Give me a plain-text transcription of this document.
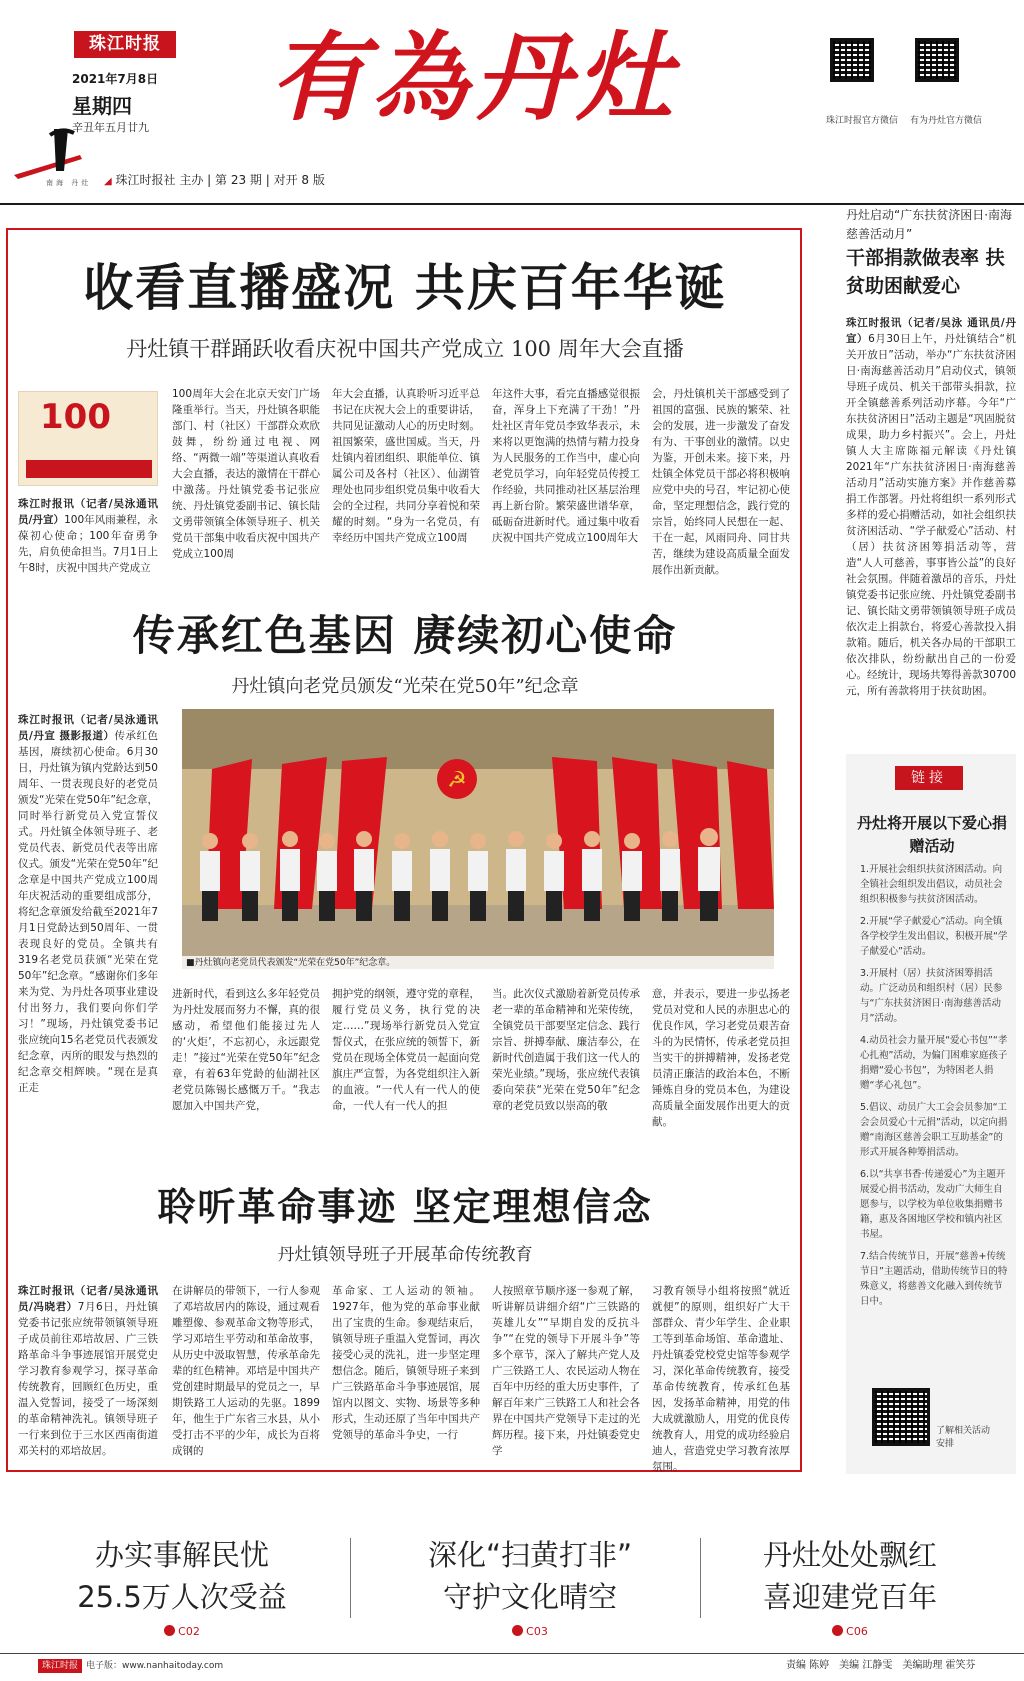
珠江时报
2021年7月8日
星期四
辛丑年五月廿九 有為丹灶
南海 丹灶 ◢ 珠江时报社 主办 | 第 23 期 | 对开 8 版
珠江时报官方微信 有为丹灶官方微信
收看直播盛况 共庆百年华诞
丹灶镇干群踊跃收看庆祝中国共产党成立 100 周年大会直播
100
珠江时报讯（记者/吴泳通讯员/丹宣）100年风雨兼程，永葆初心使命；100年奋勇争先，肩负使命担当。7月1日上午8时，庆祝中国共产党成立
100周年大会在北京天安门广场隆重举行。当天，丹灶镇各职能部门、村（社区）干部群众欢欣鼓舞，纷纷通过电视、网络、“两微一端”等渠道认真收看大会直播，表达的激情在干群心中激荡。丹灶镇党委书记张应统、丹灶镇党委副书记、镇长陆文勇带领镇全体领导班子、机关党员干部集中收看庆祝中国共产党成立100周
年大会直播，认真聆听习近平总书记在庆祝大会上的重要讲话，共同见证激动人心的历史时刻。祖国繁荣，盛世国威。当天，丹灶镇内着团组织、职能单位、镇属公司及各村（社区）、仙湖管理处也同步组织党员集中收看大会的全过程，共同分享着悦和荣耀的时刻。“身为一名党员，有幸经历中国共产党成立100周
年这件大事，看完直播感觉很振奋，浑身上下充满了干劲！”丹灶社区青年党员李致华表示，未来将以更饱满的热情与精力投身为人民服务的工作当中，虚心向老党员学习，向年轻党员传授工作经验，共同推动社区基层治理再上新台阶。繁荣盛世谱华章，砥砺奋进新时代。通过集中收看庆祝中国共产党成立100周年大
会，丹灶镇机关干部感受到了祖国的富强、民族的繁荣、社会的发展，进一步激发了奋发有为、干事创业的激情。以史为鉴，开创未来。接下来，丹灶镇全体党员干部必将积极响应党中央的号召，牢记初心使命，坚定理想信念，践行党的宗旨，始终同人民想在一起、干在一起，风雨同舟、同甘共苦，继续为建设高质量全面发展作出新贡献。
传承红色基因 赓续初心使命
丹灶镇向老党员颁发“光荣在党50年”纪念章
珠江时报讯（记者/吴泳通讯员/丹宣 摄影报道）传承红色基因，赓续初心使命。6月30日，丹灶镇为镇内党龄达到50周年、一贯表现良好的老党员颁发“光荣在党50年”纪念章，同时举行新党员入党宣誓仪式。丹灶镇全体领导班子、老党员代表、新党员代表等出席仪式。颁发“光荣在党50年”纪念章是中国共产党成立100周年庆祝活动的重要组成部分，将纪念章颁发给截至2021年7月1日党龄达到50周年、一贯表现良好的党员。全镇共有319名老党员获颁“光荣在党50年”纪念章。“感谢你们多年来为党、为丹灶各项事业建设付出努力，我们要向你们学习！”现场，丹灶镇党委书记张应统向15名老党员代表颁发纪念章，丙所的眼发与热烈的纪念章交相辉映。“现在是真正走
☭
■丹灶镇向老党员代表颁发“光荣在党50年”纪念章。
进新时代，看到这么多年轻党员为丹灶发展而努力不懈，真的很感动，希望他们能接过先人的‘火炬’，不忘初心，永远跟党走！”接过“光荣在党50年”纪念章，有着63年党龄的仙湖社区老党员陈锡长感慨万千。“我志愿加入中国共产党，
拥护党的纲领，遵守党的章程，履行党员义务，执行党的决定……”现场举行新党员入党宣誓仪式，在张应统的领誓下，新党员在现场全体党员一起面向党旗庄严宣誓，为各党组织注入新的血液。“一代人有一代人的使命，一代人有一代人的担
当。此次仪式激励着新党员传承老一辈的革命精神和光荣传统，全镇党员干部要坚定信念、践行宗旨、拼搏奉献、廉洁奉公，在新时代创造属于我们这一代人的荣光业绩。”现场，张应统代表镇委向荣获“光荣在党50年”纪念章的老党员致以崇高的敬
意，并表示，要进一步弘扬老党员对党和人民的赤胆忠心的优良作风，学习老党员艰苦奋斗的为民情怀，传承老党员担当实干的拼搏精神，发扬老党员清正廉洁的政治本色，不断锤炼自身的党员本色，为建设高质量全面发展作出更大的贡献。
聆听革命事迹 坚定理想信念
丹灶镇领导班子开展革命传统教育
珠江时报讯（记者/吴泳通讯员/冯晓君）7月6日，丹灶镇党委书记张应统带领镇领导班子成员前往邓培故居、广三铁路革命斗争事迹展馆开展党史学习教育参观学习，探寻革命传统教育，回顾红色历史，重温入党誓词，接受了一场深刻的革命精神洗礼。镇领导班子一行来到位于三水区西南街道邓关村的邓培故居。
在讲解员的带领下，一行人参观了邓培故居内的陈设，通过观看雕塑像、参观革命文物等形式，学习邓培生平劳动和革命故事，从历史中汲取智慧，传承革命先辈的红色精神。邓培是中国共产党创建时期最早的党员之一，早期铁路工人运动的先驱。1899年，他生于广东省三水县，从小受打击不平的少年，成长为百将成钢的
革命家、工人运动的领袖。1927年，他为党的革命事业献出了宝贵的生命。参观结束后，镇领导班子重温入党誓词，再次接受心灵的洗礼，进一步坚定理想信念。随后，镇领导班子来到广三铁路革命斗争事迹展馆，展馆内以图文、实物、场景等多种形式，生动还原了当年中国共产党领导的革命斗争史，一行
人按照章节顺序逐一参观了解，听讲解员讲细介绍“广三铁路的英雄儿女”“早期自发的反抗斗争”“在党的领导下开展斗争”等多个章节，深入了解共产党人及广三铁路工人、农民运动人物在百年中历经的重大历史事件，了解百年来广三铁路工人和社会各界在中国共产党领导下走过的光辉历程。接下来，丹灶镇委党史学
习教育领导小组将按照“就近就便”的原则，组织好广大干部群众、青少年学生、企业职工等到革命场馆、革命遗址、丹灶镇委党校党史馆等参观学习，深化革命传统教育，接受革命传统教育，传承红色基因，发扬革命精神，用党的伟大成就激励人，用党的优良传统教育人，用党的成功经验启迪人，营造党史学习教育浓厚氛围。
丹灶启动“广东扶贫济困日·南海慈善活动月”
干部捐款做表率 扶贫助困献爱心
珠江时报讯（记者/吴泳 通讯员/丹宣）6月30日上午，丹灶镇结合“机关开放日”活动，举办“广东扶贫济困日·南海慈善活动月”启动仪式，镇领导班子成员、机关干部带头捐款，拉开全镇慈善系列活动序幕。今年“广东扶贫济困日”活动主题是“巩固脱贫成果，助力乡村振兴”。会上，丹灶镇人大主席陈福元解读《丹灶镇2021年“广东扶贫济困日·南海慈善活动月”活动实施方案》并作慈善募捐工作部署。丹灶将组织一系列形式多样的爱心捐赠活动，如社会组织扶贫济困活动、“学子献爱心”活动、村（居）扶贫济困筹捐活动等，营造“人人可慈善，事事皆公益”的良好社会氛围。伴随着激昂的音乐，丹灶镇党委书记张应统、丹灶镇党委副书记、镇长陆文勇带领镇领导班子成员依次走上捐款台，将爱心善款投入捐款箱。随后，机关各办局的干部职工依次排队，纷纷献出自己的一份爱心。经统计，现场共筹得善款30700元，所有善款将用于扶贫助困。
链接
丹灶将开展以下爱心捐赠活动
1.开展社会组织扶贫济困活动。向全镇社会组织发出倡议，动员社会组织积极参与扶贫济困活动。
2.开展“学子献爱心”活动。向全镇各学校学生发出倡议，积极开展“学子献爱心”活动。
3.开展村（居）扶贫济困筹捐活动。广泛动员和组织村（居）民参与“广东扶贫济困日·南海慈善活动月”活动。
4.动员社会力量开展“爱心书包”“孝心扎袍”活动，为偏门困难家庭孩子捐赠“爱心书包”，为特困老人捐赠“孝心礼包”。
5.倡议、动员广大工会会员参加“工会会员爱心十元捐”活动，以定向捐赠“南海区慈善会职工互助基金”的形式开展各种筹捐活动。
6.以“共享书香·传递爱心”为主题开展爱心捐书活动，发动广大师生自愿参与，以学校为单位收集捐赠书籍，惠及各困地区学校和镇内社区书屋。
7.结合传统节日，开展“慈善+传统节日”主题活动，借助传统节日的特殊意义，将慈善文化融入到传统节日中。
了解相关活动安排
办实事解民忧
25.5万人次受益
C02
深化“扫黄打非”
守护文化晴空
C03
丹灶处处飘红
喜迎建党百年
C06
珠江时报 电子版：www.nanhaitoday.com	责编 陈婷　美编 江静雯　美编助理 霍笑芬
